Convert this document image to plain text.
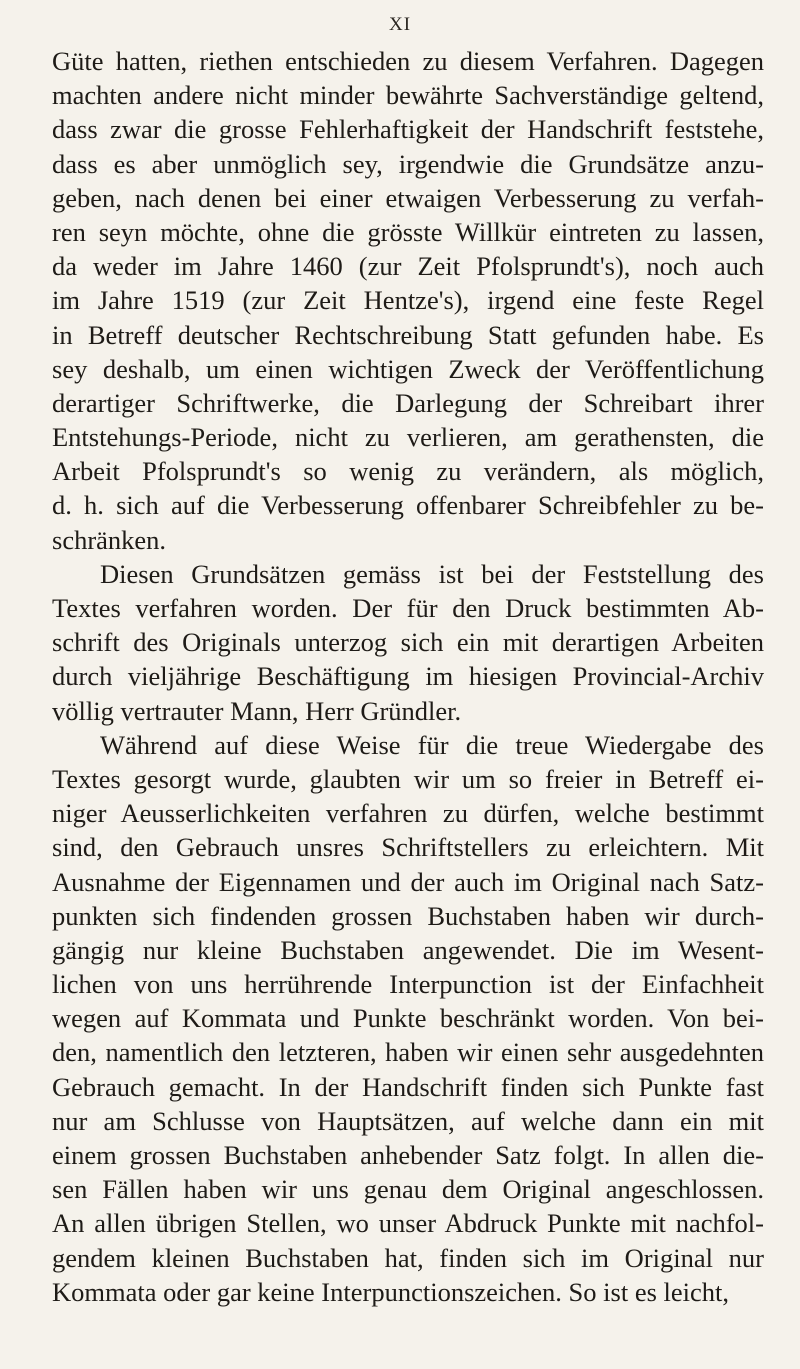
XI
Güte hatten, riethen entschieden zu diesem Verfahren. Dagegen
machten andere nicht minder bewährte Sachverständige geltend,
dass zwar die grosse Fehlerhaftigkeit der Handschrift feststehe,
dass es aber unmöglich sey, irgendwie die Grundsätze anzu-
geben, nach denen bei einer etwaigen Verbesserung zu verfah-
ren seyn möchte, ohne die grösste Willkür eintreten zu lassen,
da weder im Jahre 1460 (zur Zeit Pfolsprundt's), noch auch
im Jahre 1519 (zur Zeit Hentze's), irgend eine feste Regel
in Betreff deutscher Rechtschreibung Statt gefunden habe. Es
sey deshalb, um einen wichtigen Zweck der Veröffentlichung
derartiger Schriftwerke, die Darlegung der Schreibart ihrer
Entstehungs-Periode, nicht zu verlieren, am gerathensten, die
Arbeit Pfolsprundt's so wenig zu verändern, als möglich,
d. h. sich auf die Verbesserung offenbarer Schreibfehler zu be-
schränken.
Diesen Grundsätzen gemäss ist bei der Feststellung des
Textes verfahren worden. Der für den Druck bestimmten Ab-
schrift des Originals unterzog sich ein mit derartigen Arbeiten
durch vieljährige Beschäftigung im hiesigen Provincial-Archiv
völlig vertrauter Mann, Herr Gründler.
Während auf diese Weise für die treue Wiedergabe des
Textes gesorgt wurde, glaubten wir um so freier in Betreff ei-
niger Aeusserlichkeiten verfahren zu dürfen, welche bestimmt
sind, den Gebrauch unsres Schriftstellers zu erleichtern. Mit
Ausnahme der Eigennamen und der auch im Original nach Satz-
punkten sich findenden grossen Buchstaben haben wir durch-
gängig nur kleine Buchstaben angewendet. Die im Wesent-
lichen von uns herrührende Interpunction ist der Einfachheit
wegen auf Kommata und Punkte beschränkt worden. Von bei-
den, namentlich den letzteren, haben wir einen sehr ausgedehnten
Gebrauch gemacht. In der Handschrift finden sich Punkte fast
nur am Schlusse von Hauptsätzen, auf welche dann ein mit
einem grossen Buchstaben anhebender Satz folgt. In allen die-
sen Fällen haben wir uns genau dem Original angeschlossen.
An allen übrigen Stellen, wo unser Abdruck Punkte mit nachfol-
gendem kleinen Buchstaben hat, finden sich im Original nur
Kommata oder gar keine Interpunctionszeichen. So ist es leicht,
